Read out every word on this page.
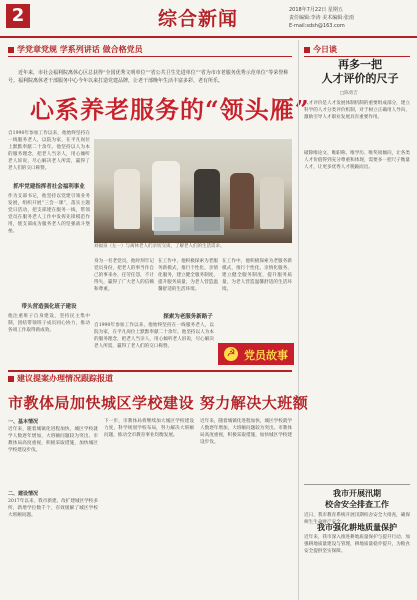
2	综合新闻	2018年7月22日 星期五
责任编辑:李涛 美术编辑:张雨
E-mail:sdsh@163.com
学党章党规 学系列讲话 做合格党员
近年来，市社会福利院离休心区总获得“全国优秀文明单位”“省公共卫生先进单位”“省为市市老服务优秀示范单位”等荣誉称号。福利院离休老干部服务中心今年以来打造党建品牌，让老干部晚年生活丰富多彩、老有所乐。
心系养老服务的“领头雁”
自1990年参加工作以来，他始终坚持在一线服务老人，以院为家，在平凡岗位上默默奉献二十余年。他坚持以人为本的服务理念，把老人当亲人，用心倾听老人诉说，尽心解决老人所需，赢得了老人们的交口称赞。
抓牢党建指挥者社会福利事业
作为支部书记，他坚持以党建引领业务发展，组织开展“三会一课”，落实主题党日活动，把支部建在服务一线，带领党员在服务老人工作中发挥先锋模范作用，使支部成为服务老人的坚强战斗堡垒。
带头营造强化班子建设
他注重班子自身建设，坚持民主集中制，团结带领班子成员同心协力，推动各项工作取得新成效。
刘福泉（左一）与离休老人们亲切交谈，了解老人们的生活需求。
身为一名老党员，他时刻牢记党员身份，把老人的事当作自己的事来办，任劳任怨，不计得失，赢得了广大老人的信赖和尊重。
探索为老服务新路子
在工作中，他积极探索为老服务新模式，推行个性化、亲情化服务，建立健全服务制度，提升服务质量，为老人营造温馨舒适的生活环境。
自1990年参加工作以来，他始终坚持在一线服务老人，以院为家，在平凡岗位上默默奉献二十余年。他坚持以人为本的服务理念，把老人当亲人，用心倾听老人诉说，尽心解决老人所需，赢得了老人们的交口称赞。
在工作中，他积极探索为老服务新模式，推行个性化、亲情化服务，建立健全服务制度，提升服务质量，为老人营造温馨舒适的生活环境。
☭ 党员故事
今日谈
再多一把
人才评价的尺子
□陈勇吉
人才评价是人才发展体制机制的重要组成部分，建立科学的人才分类评价机制，对于树立正确用人导向、激励引导人才职业发展具有重要作用。
破除唯论文、唯职称、唯学历、唯奖项倾向，让各类人才价值得到充分尊重和体现，需要多一把尺子衡量人才，让更多优秀人才脱颖而出。
我市开展汛期
校舍安全排查工作
近日，我市教育系统开展汛期校舍安全大排查，确保师生生命财产安全。
我市强化耕地质量保护
近年来，我市深入推进耕地质量保护与提升行动，加强耕地质量建设与管理，耕地质量稳步提升，为粮食安全提供坚实保障。
建议提案办理情况跟踪报道
市教体局加快城区学校建设 努力解决大班额
一、基本情况
近年来，随着城镇化进程加快，城区学校就学人数逐年增加，大班额问题较为突出。市教体局高度重视，积极采取措施，加快城区学校建设步伐。
二、建设情况
2017年以来，我市新建、改扩建城区学校多所，新增学位数千个，有效缓解了城区学校大班额问题。
下一步，市教体局将继续加大城区学校建设力度，科学规划学校布局，努力解决大班额问题，推动全市教育事业均衡发展。
近年来，随着城镇化进程加快，城区学校就学人数逐年增加，大班额问题较为突出。市教体局高度重视，积极采取措施，加快城区学校建设步伐。
